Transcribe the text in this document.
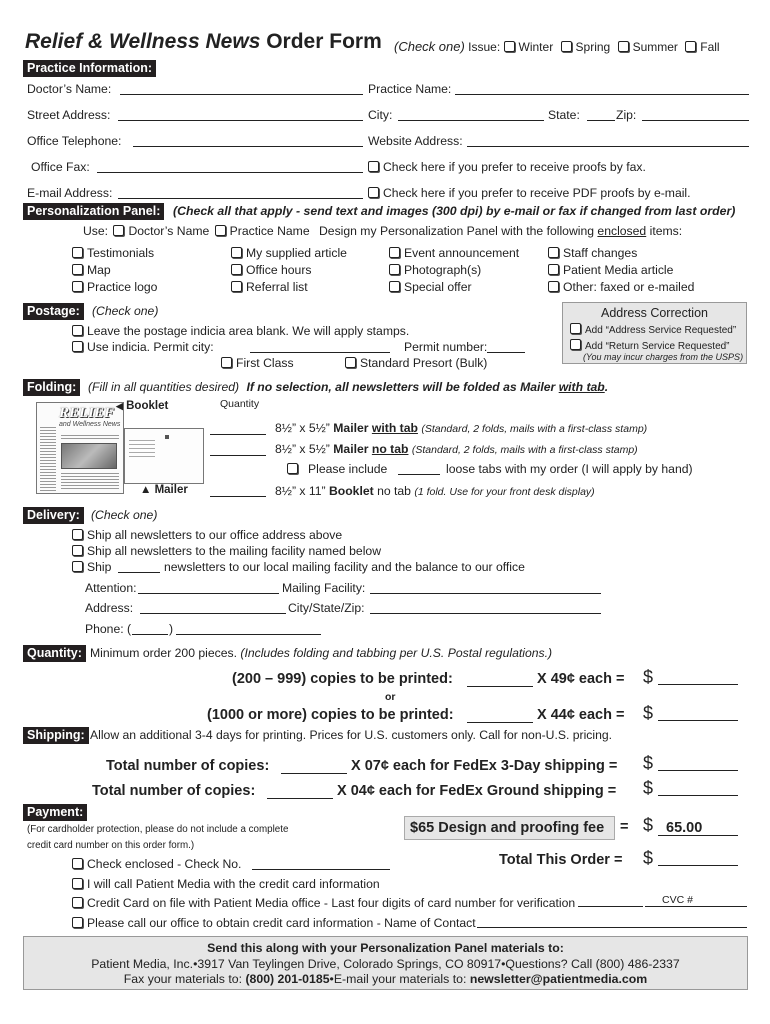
Relief & Wellness News Order Form (Check one) Issue: Winter Spring Summer Fall
Practice Information:
Doctor’s Name:	Practice Name:
Street Address:	City:	State:	Zip:
Office Telephone:	Website Address:
Office Fax:	Check here if you prefer to receive proofs by fax.
E-mail Address:	Check here if you prefer to receive PDF proofs by e-mail.
Personalization Panel:	(Check all that apply - send text and images (300 dpi) by e-mail or fax if changed from last order)
Use: Doctor’s Name Practice Name Design my Personalization Panel with the following enclosed items:
Testimonials	My supplied article	Event announcement	Staff changes
Map	Office hours	Photograph(s)	Patient Media article
Practice logo	Referral list	Special offer	Other: faxed or e-mailed
Postage:	(Check one)
Leave the postage indicia area blank. We will apply stamps.
Use indicia. Permit city:	Permit number:
First Class	Standard Presort (Bulk)
Address Correction
Add “Address Service Requested”
Add “Return Service Requested”
(You may incur charges from the USPS)
Folding: (Fill in all quantities desired) If no selection, all newsletters will be folded as Mailer with tab.
RELIEF
and Wellness News
◀ Booklet
▲ Mailer
Quantity
8½” x 5½” Mailer with tab (Standard, 2 folds, mails with a first-class stamp)
8½” x 5½” Mailer no tab (Standard, 2 folds, mails with a first-class stamp)
Please include	loose tabs with my order (I will apply by hand)
8½” x 11” Booklet no tab (1 fold. Use for your front desk display)
Delivery: (Check one)
Ship all newsletters to our office address above
Ship all newsletters to the mailing facility named below
Ship	newsletters to our local mailing facility and the balance to our office
Attention:	Mailing Facility:
Address:	City/State/Zip:
Phone: (	)
Quantity: Minimum order 200 pieces. (Includes folding and tabbing per U.S. Postal regulations.)
(200 – 999) copies to be printed:	X 49¢ each = $
or
(1000 or more) copies to be printed:	X 44¢ each = $
Shipping: Allow an additional 3-4 days for printing. Prices for U.S. customers only. Call for non-U.S. pricing.
Total number of copies:	X 07¢ each for FedEx 3-Day shipping = $
Total number of copies:	X 04¢ each for FedEx Ground shipping = $
Payment:
(For cardholder protection, please do not include a complete
credit card number on this order form.)
$65 Design and proofing fee = $ 65.00
Check enclosed - Check No.	Total This Order = $
I will call Patient Media with the credit card information
Credit Card on file with Patient Media office - Last four digits of card number for verification	CVC #
Please call our office to obtain credit card information - Name of Contact
Send this along with your Personalization Panel materials to:
Patient Media, Inc.•3917 Van Teylingen Drive, Colorado Springs, CO 80917•Questions? Call (800) 486-2337
Fax your materials to: (800) 201-0185•E-mail your materials to: newsletter@patientmedia.com
